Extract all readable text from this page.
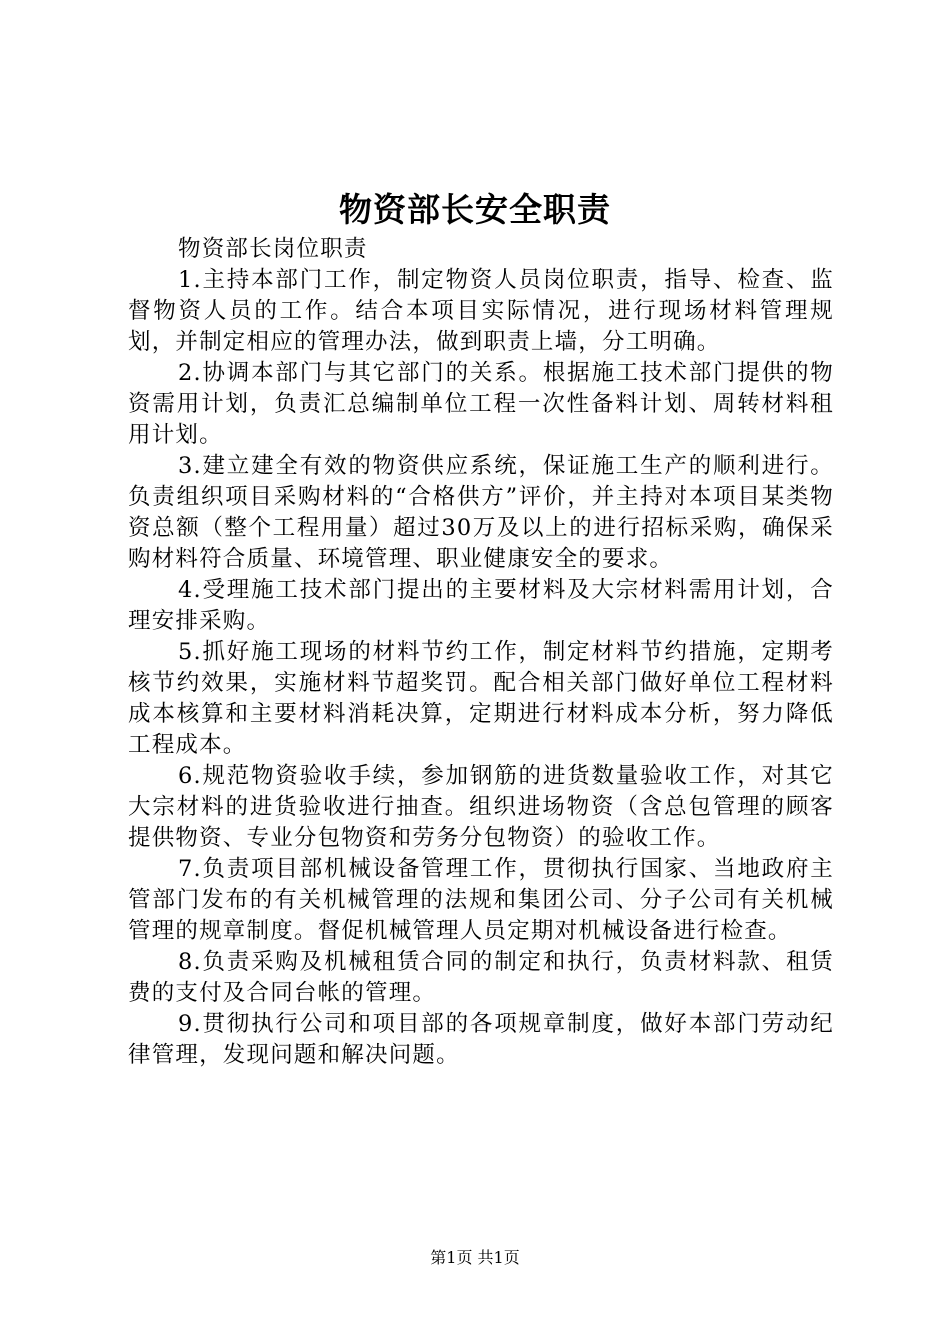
物资部长安全职责

物资部长岗位职责

1.主持本部门工作，制定物资人员岗位职责，指导、检查、监督物资人员的工作。结合本项目实际情况，进行现场材料管理规划，并制定相应的管理办法，做到职责上墙，分工明确。

2.协调本部门与其它部门的关系。根据施工技术部门提供的物资需用计划，负责汇总编制单位工程一次性备料计划、周转材料租用计划。

3.建立建全有效的物资供应系统，保证施工生产的顺利进行。负责组织项目采购材料的“合格供方”评价，并主持对本项目某类物资总额（整个工程用量）超过30万及以上的进行招标采购，确保采购材料符合质量、环境管理、职业健康安全的要求。

4.受理施工技术部门提出的主要材料及大宗材料需用计划，合理安排采购。

5.抓好施工现场的材料节约工作，制定材料节约措施，定期考核节约效果，实施材料节超奖罚。配合相关部门做好单位工程材料成本核算和主要材料消耗决算，定期进行材料成本分析，努力降低工程成本。

6.规范物资验收手续，参加钢筋的进货数量验收工作，对其它大宗材料的进货验收进行抽查。组织进场物资（含总包管理的顾客提供物资、专业分包物资和劳务分包物资）的验收工作。

7.负责项目部机械设备管理工作，贯彻执行国家、当地政府主管部门发布的有关机械管理的法规和集团公司、分子公司有关机械管理的规章制度。督促机械管理人员定期对机械设备进行检查。

8.负责采购及机械租赁合同的制定和执行，负责材料款、租赁费的支付及合同台帐的管理。

9.贯彻执行公司和项目部的各项规章制度，做好本部门劳动纪律管理，发现问题和解决问题。

第1页 共1页
